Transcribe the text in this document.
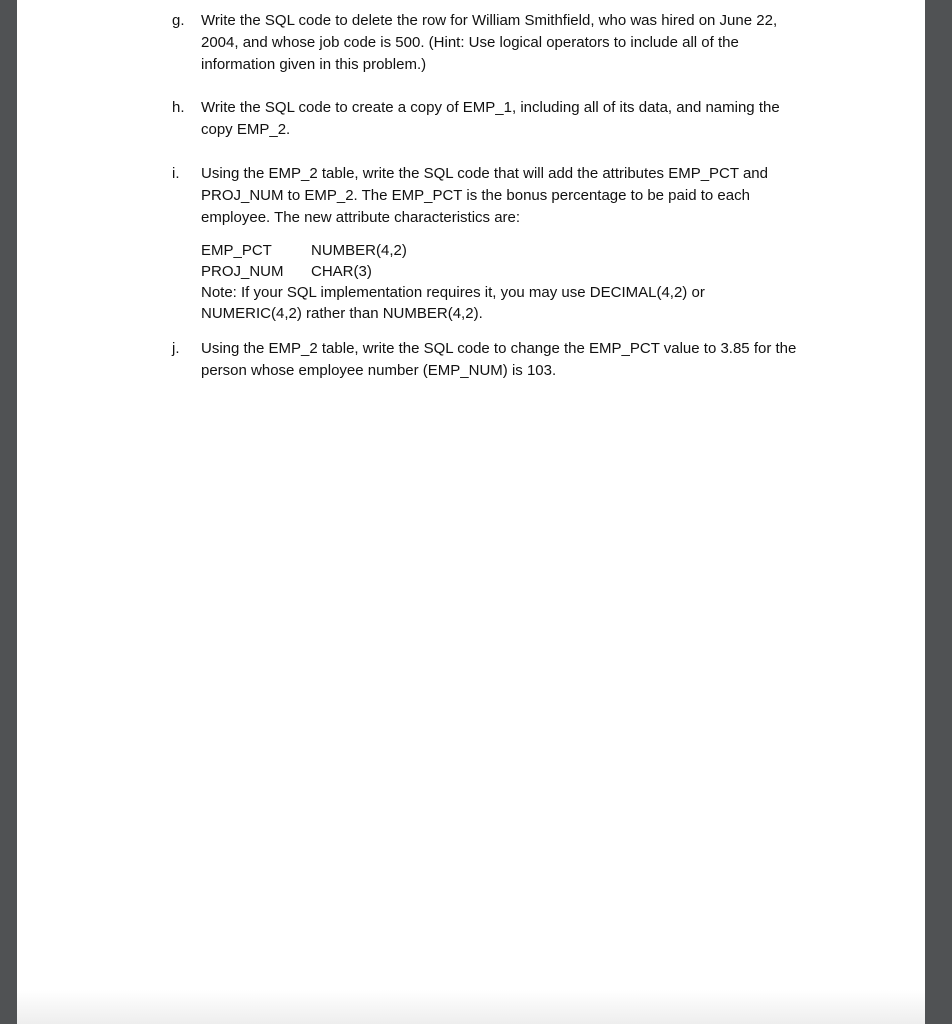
g.	Write the SQL code to delete the row for William Smithfield, who was hired on June 22,
2004, and whose job code is 500. (Hint: Use logical operators to include all of the
information given in this problem.)
h.	Write the SQL code to create a copy of EMP_1, including all of its data, and naming the
copy EMP_2.
i.	Using the EMP_2 table, write the SQL code that will add the attributes EMP_PCT and
PROJ_NUM to EMP_2. The EMP_PCT is the bonus percentage to be paid to each
employee. The new attribute characteristics are:
EMP_PCT	NUMBER(4,2)
PROJ_NUM CHAR(3)
Note: If your SQL implementation requires it, you may use DECIMAL(4,2) or
NUMERIC(4,2) rather than NUMBER(4,2).
j.	Using the EMP_2 table, write the SQL code to change the EMP_PCT value to 3.85 for the
person whose employee number (EMP_NUM) is 103.
